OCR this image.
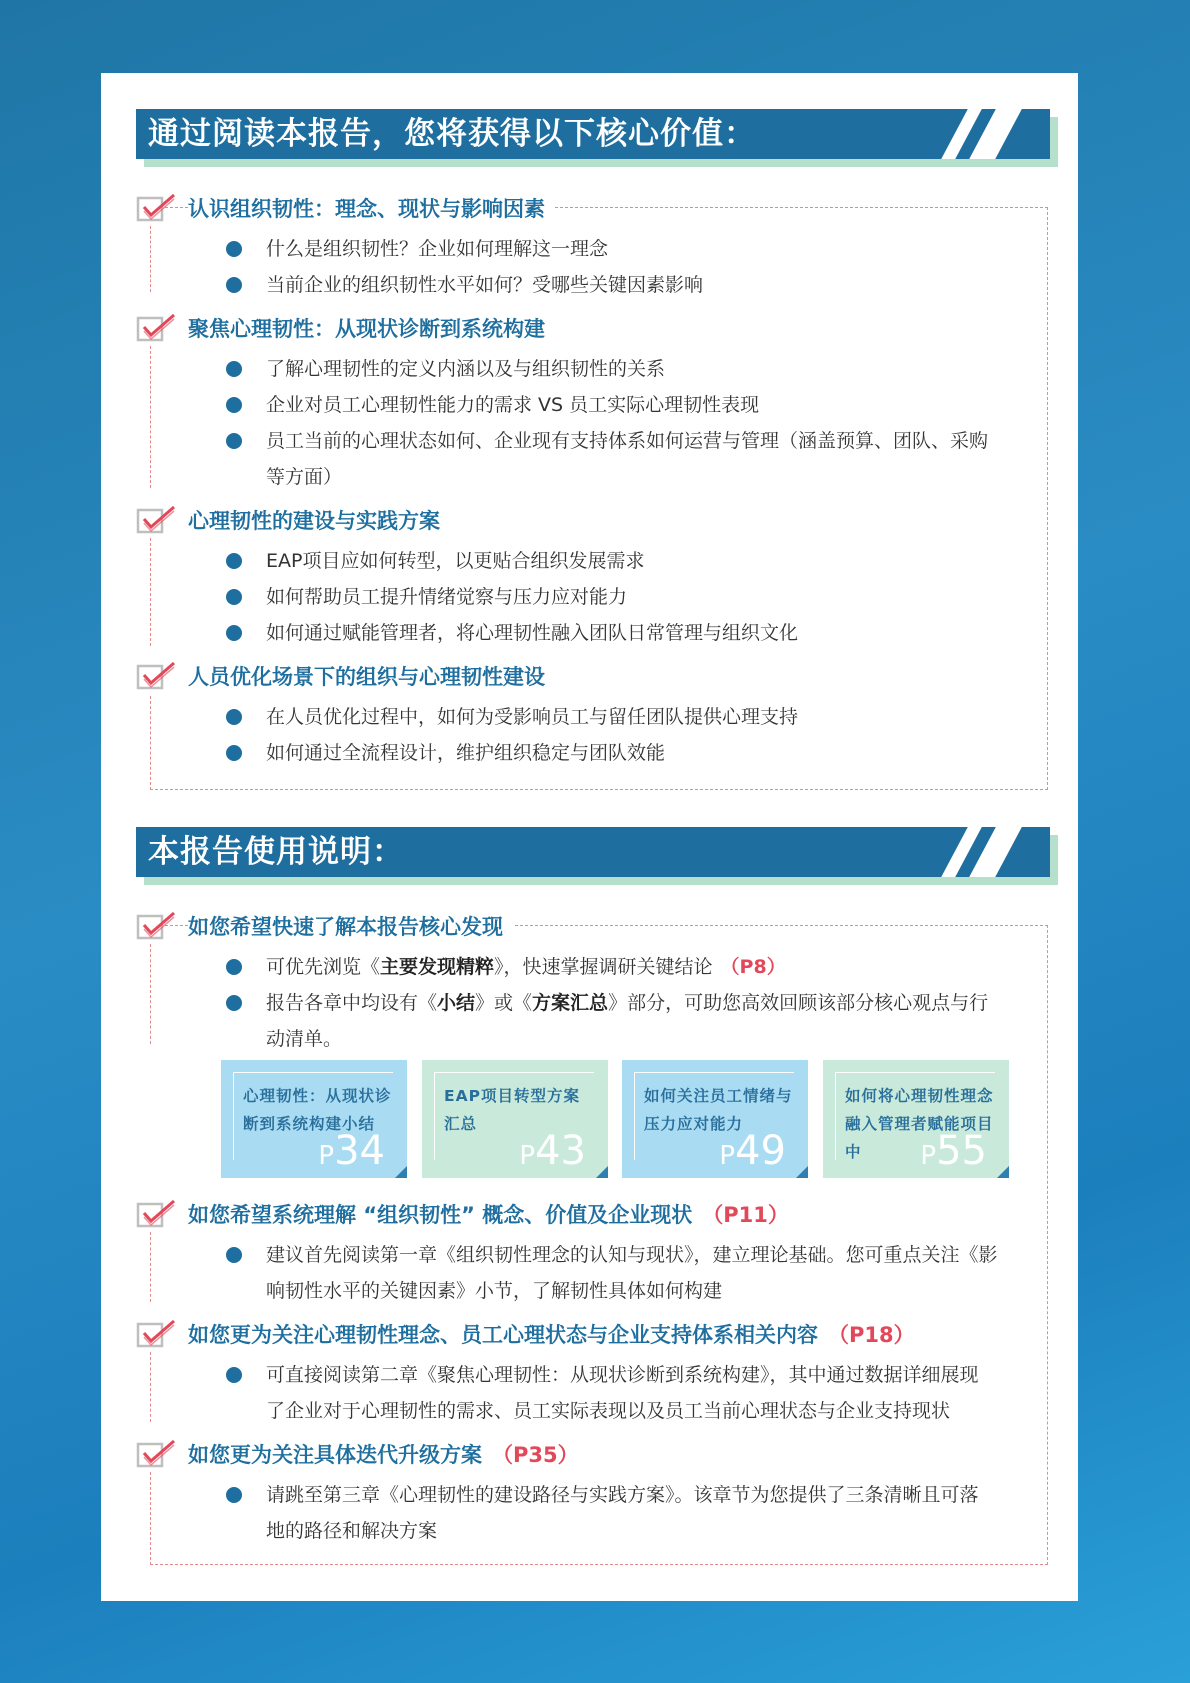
通过阅读本报告，您将获得以下核心价值：
认识组织韧性：理念、现状与影响因素
什么是组织韧性？企业如何理解这一理念
当前企业的组织韧性水平如何？受哪些关键因素影响
聚焦心理韧性：从现状诊断到系统构建
了解心理韧性的定义内涵以及与组织韧性的关系
企业对员工心理韧性能力的需求 VS 员工实际心理韧性表现
员工当前的心理状态如何、企业现有支持体系如何运营与管理（涵盖预算、团队、采购
等方面）
心理韧性的建设与实践方案
EAP项目应如何转型，以更贴合组织发展需求
如何帮助员工提升情绪觉察与压力应对能力
如何通过赋能管理者，将心理韧性融入团队日常管理与组织文化
人员优化场景下的组织与心理韧性建设
在人员优化过程中，如何为受影响员工与留任团队提供心理支持
如何通过全流程设计，维护组织稳定与团队效能
本报告使用说明：
如您希望快速了解本报告核心发现
可优先浏览《主要发现精粹》，快速掌握调研关键结论 （P8）
报告各章中均设有《小结》或《方案汇总》部分，可助您高效回顾该部分核心观点与行
动清单。
心理韧性：从现状诊断到系统构建小结
P34
EAP项目转型方案汇总
P43
如何关注员工情绪与压力应对能力
P49
如何将心理韧性理念融入管理者赋能项目中	P55
如您希望系统理解 “组织韧性” 概念、价值及企业现状 （P11）
建议首先阅读第一章《组织韧性理念的认知与现状》，建立理论基础。您可重点关注《影
响韧性水平的关键因素》小节，了解韧性具体如何构建
如您更为关注心理韧性理念、员工心理状态与企业支持体系相关内容 （P18）
可直接阅读第二章《聚焦心理韧性：从现状诊断到系统构建》，其中通过数据详细展现
了企业对于心理韧性的需求、员工实际表现以及员工当前心理状态与企业支持现状
如您更为关注具体迭代升级方案 （P35）
请跳至第三章《心理韧性的建设路径与实践方案》。该章节为您提供了三条清晰且可落
地的路径和解决方案
